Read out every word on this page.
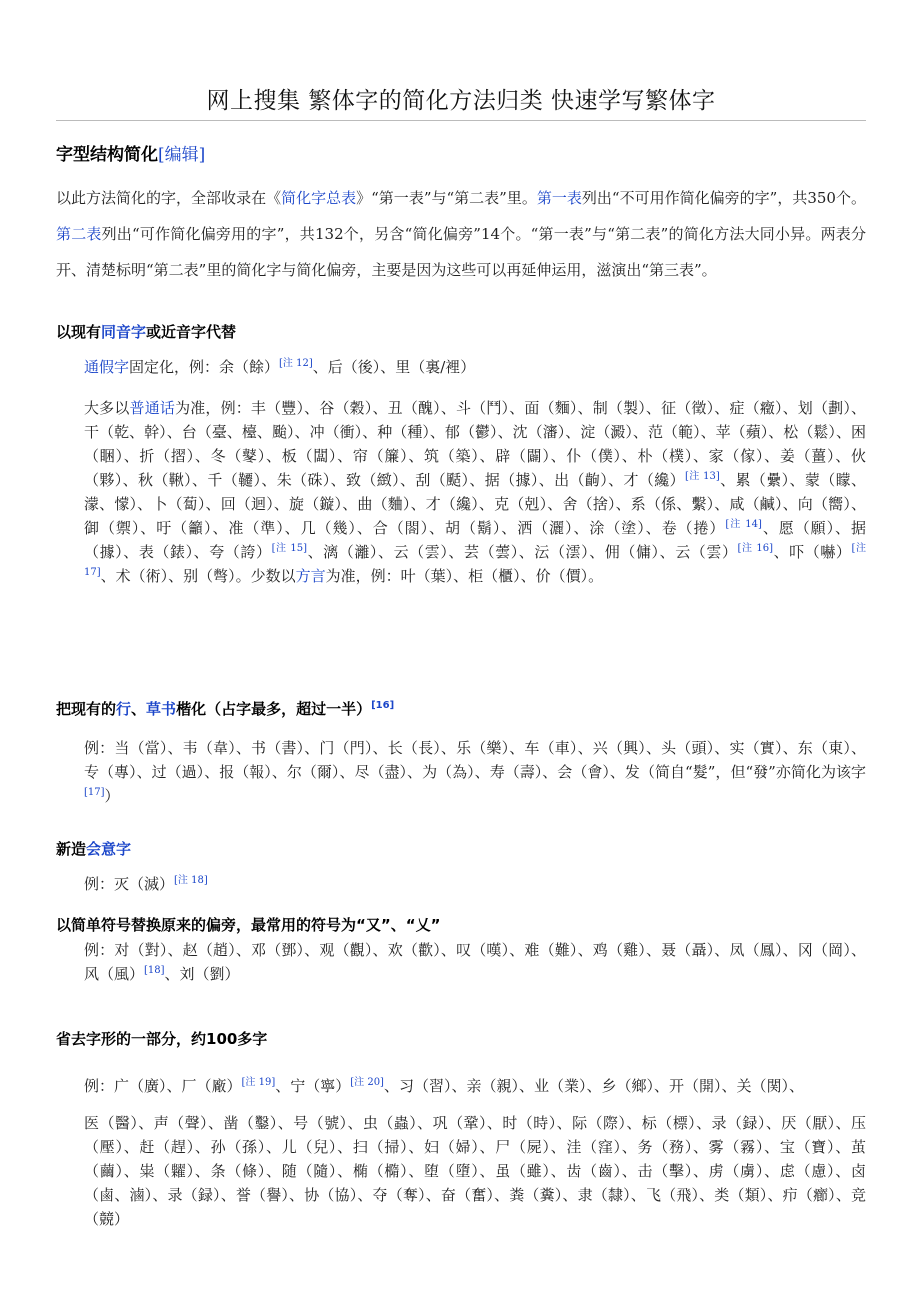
网上搜集 繁体字的简化方法归类 快速学写繁体字
字型结构简化[编辑]
以此方法简化的字，全部收录在《简化字总表》“第一表”与“第二表”里。第一表列出“不可用作简化偏旁的字”，共350个。第二表列出“可作简化偏旁用的字”，共132个，另含“简化偏旁”14个。“第一表”与“第二表”的简化方法大同小异。两表分开、清楚标明“第二表”里的简化字与简化偏旁，主要是因为这些可以再延伸运用，滋演出“第三表”。
以现有同音字或近音字代替
通假字固定化，例：余（餘）[注 12]、后（後）、里（裏/裡）
大多以普通话为准，例：丰（豐）、谷（穀）、丑（醜）、斗（鬥）、面（麵）、制（製）、征（徵）、症（癥）、划（劃）、干（乾、幹）、台（臺、檯、颱）、冲（衝）、种（種）、郁（鬱）、沈（瀋）、淀（澱）、范（範）、苹（蘋）、松（鬆）、困（睏）、折（摺）、冬（鼕）、板（闆）、帘（簾）、筑（築）、辟（闢）、仆（僕）、朴（樸）、家（傢）、姜（薑）、伙（夥）、秋（鞦）、千（韆）、朱（硃）、致（緻）、刮（颳）、据（據）、出（齣）、才（纔）[注 13]、累（纍）、蒙（矇、濛、懞）、卜（蔔）、回（迴）、旋（鏇）、曲（麯）、才（纔）、克（剋）、舍（捨）、系（係、繫）、咸（鹹）、向（嚮）、御（禦）、吁（籲）、准（準）、几（幾）、合（閤）、胡（鬍）、洒（灑）、涂（塗）、卷（捲）[注 14]、愿（願）、据（據）、表（錶）、夸（誇）[注 15]、漓（灕）、云（雲）、芸（蕓）、沄（澐）、佣（傭）、云（雲）[注 16]、吓（嚇）[注 17]、术（術）、别（彆）。少数以方言为准，例：叶（葉）、柜（櫃）、价（價）。
把现有的行、草书楷化（占字最多，超过一半）[16]
例：当（當）、韦（韋）、书（書）、门（門）、长（長）、乐（樂）、车（車）、兴（興）、头（頭）、实（實）、东（東）、专（專）、过（過）、报（報）、尔（爾）、尽（盡）、为（為）、寿（壽）、会（會）、发（简自“髮”，但“發”亦简化为该字[17]）
新造会意字
例：灭（滅）[注 18]
以简单符号替换原来的偏旁，最常用的符号为“又”、“乂”
例：对（對）、赵（趙）、邓（鄧）、观（觀）、欢（歡）、叹（嘆）、难（難）、鸡（雞）、聂（聶）、凤（鳳）、冈（岡）、风（風）[18]、刘（劉）
省去字形的一部分，约100多字
例：广（廣）、厂（廠）[注 19]、宁（寧）[注 20]、习（習）、亲（親）、业（業）、乡（鄉）、开（開）、关（関）、
医（醫）、声（聲）、凿（鑿）、号（號）、虫（蟲）、巩（鞏）、时（時）、际（際）、标（標）、录（録）、厌（厭）、压（壓）、赶（趕）、孙（孫）、儿（兒）、扫（掃）、妇（婦）、尸（屍）、洼（窪）、务（務）、雾（霧）、宝（寶）、茧（繭）、粜（糶）、条（條）、随（隨）、椭（橢）、堕（墮）、虽（雖）、齿（齒）、击（擊）、虏（虜）、虑（慮）、卤（鹵、滷）、录（録）、誉（譽）、协（協）、夺（奪）、奋（奮）、粪（糞）、隶（隸）、飞（飛）、类（類）、疖（癤）、竞（競）
